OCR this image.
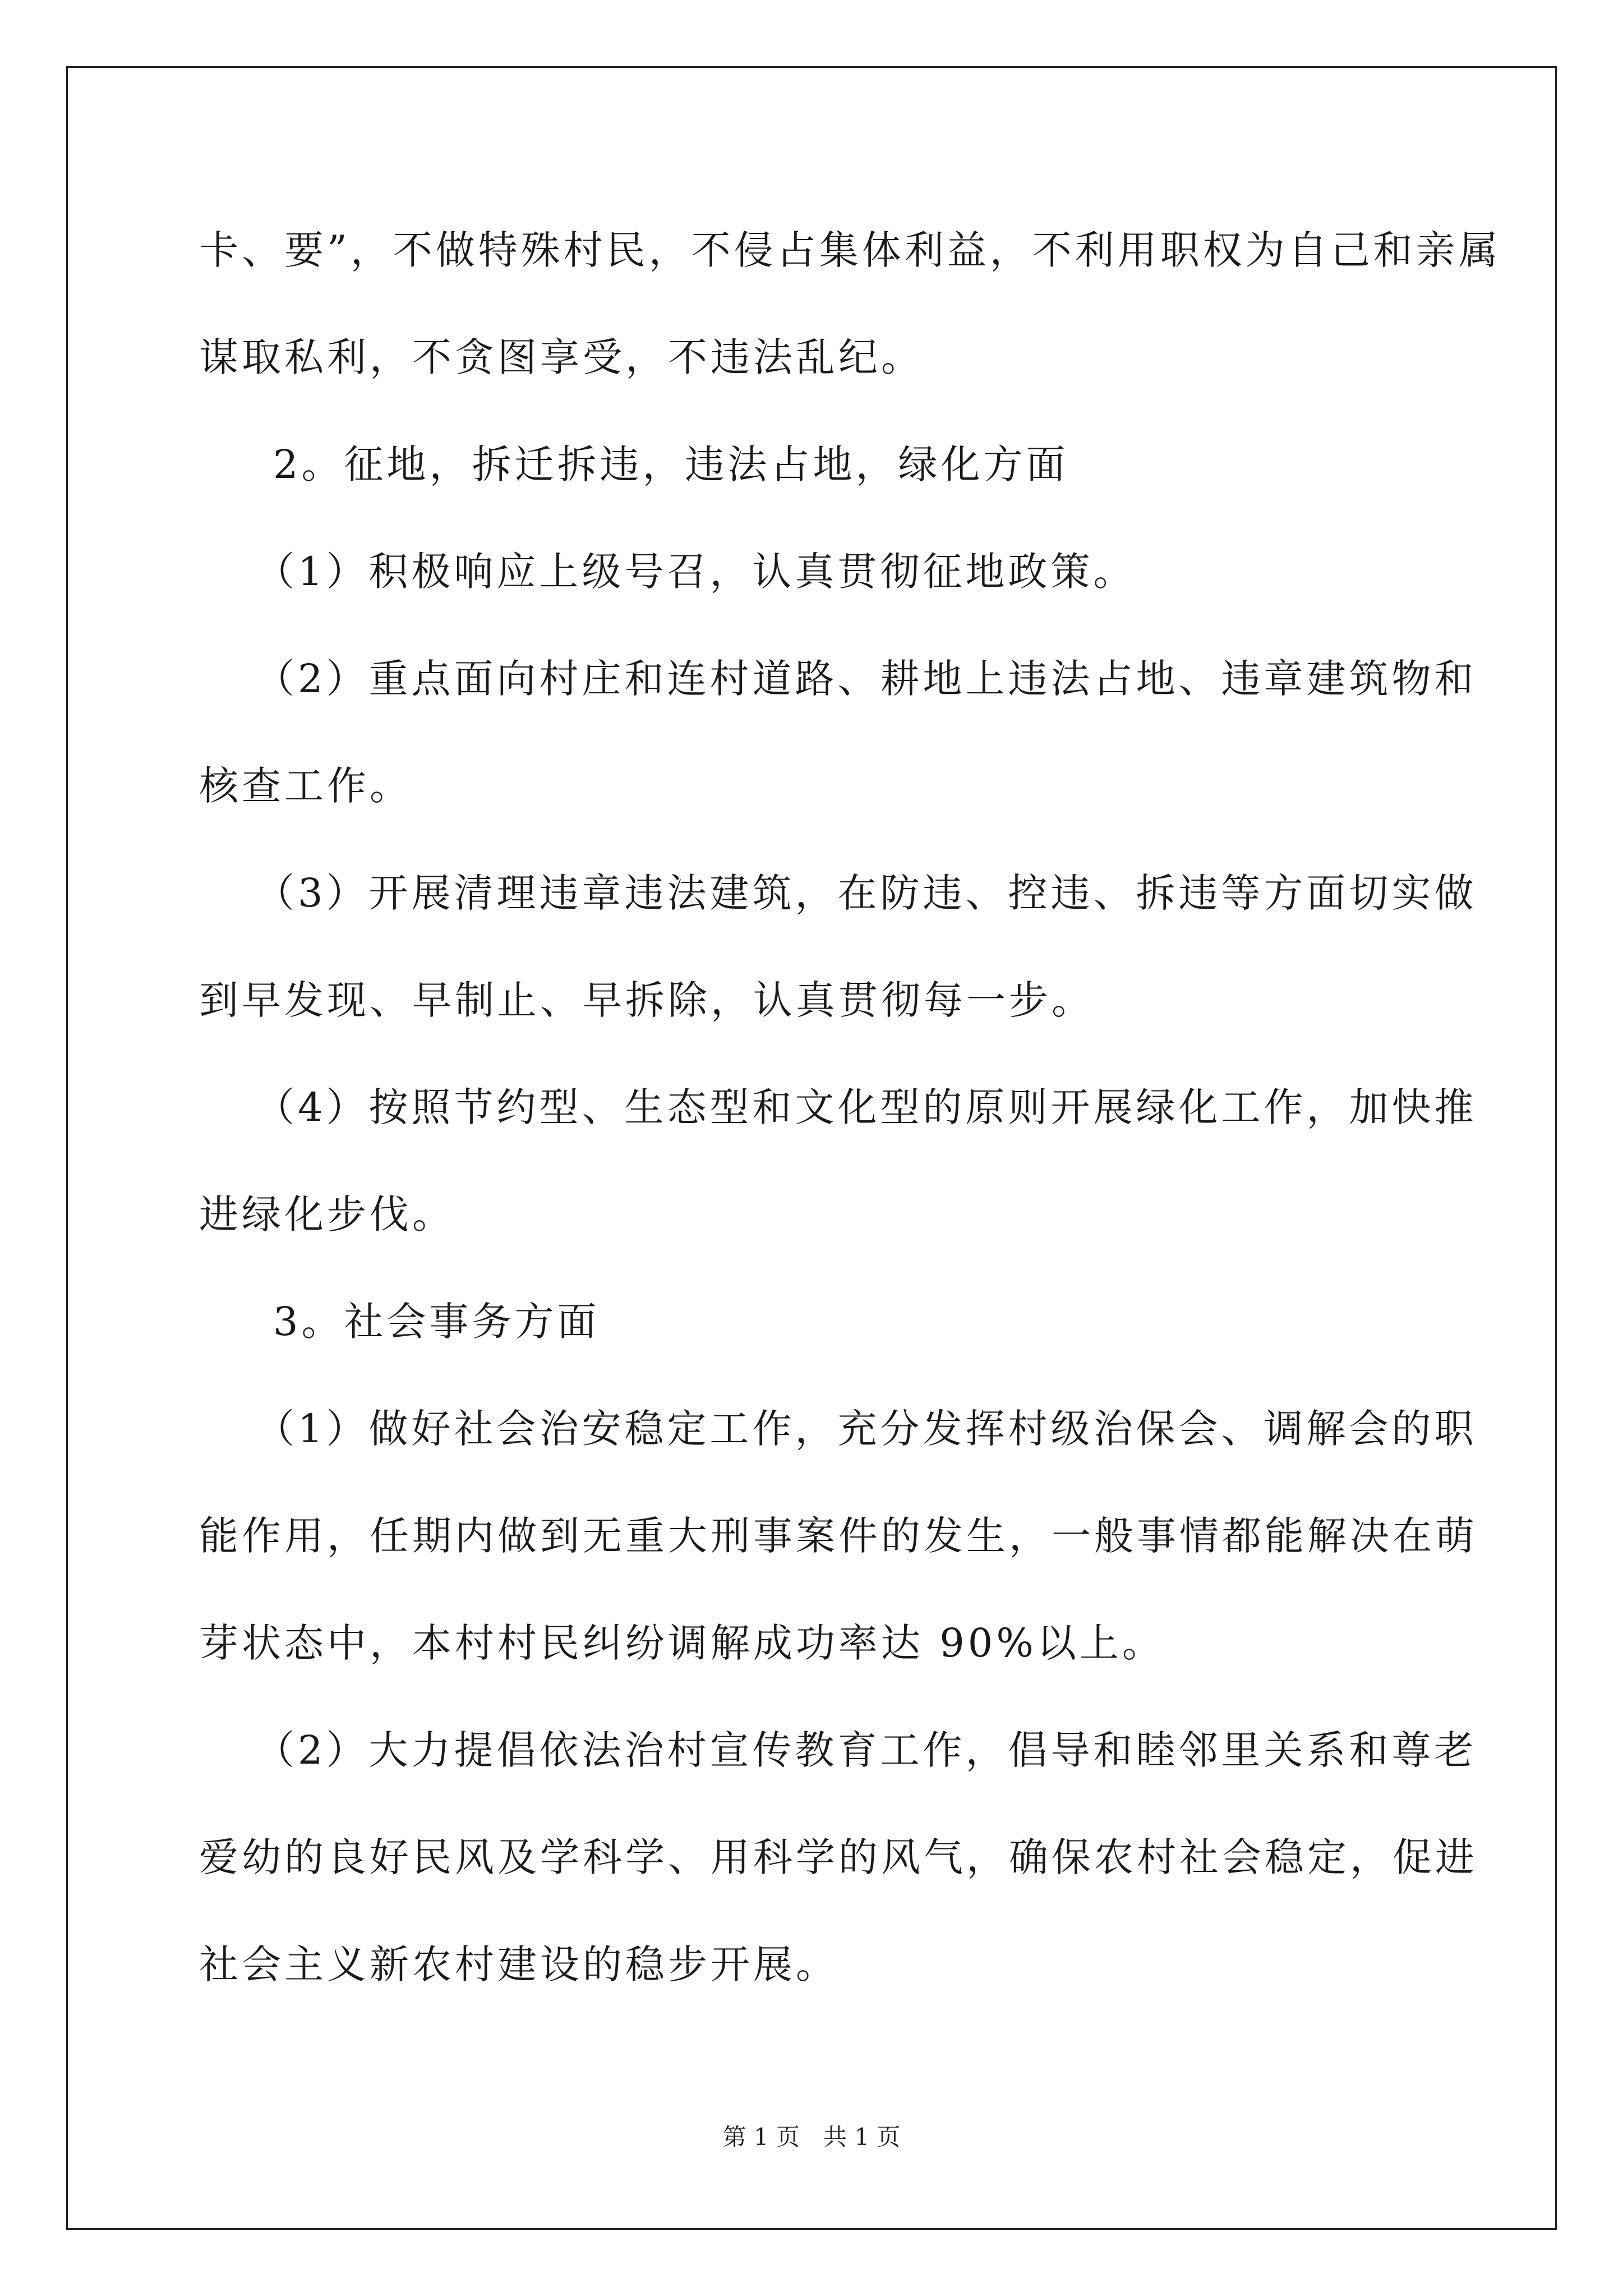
卡、要”，不做特殊村民，不侵占集体利益，不利用职权为自己和亲属
谋取私利，不贪图享受，不违法乱纪。
2。征地，拆迁拆违，违法占地，绿化方面
（1）积极响应上级号召，认真贯彻征地政策。
（2）重点面向村庄和连村道路、耕地上违法占地、违章建筑物和
核查工作。
（3）开展清理违章违法建筑，在防违、控违、拆违等方面切实做
到早发现、早制止、早拆除，认真贯彻每一步。
（4）按照节约型、生态型和文化型的原则开展绿化工作，加快推
进绿化步伐。
3。社会事务方面
（1）做好社会治安稳定工作，充分发挥村级治保会、调解会的职
能作用，任期内做到无重大刑事案件的发生，一般事情都能解决在萌
芽状态中，本村村民纠纷调解成功率达 90%以上。
（2）大力提倡依法治村宣传教育工作，倡导和睦邻里关系和尊老
爱幼的良好民风及学科学、用科学的风气，确保农村社会稳定，促进
社会主义新农村建设的稳步开展。
第 1 页　共 1 页
